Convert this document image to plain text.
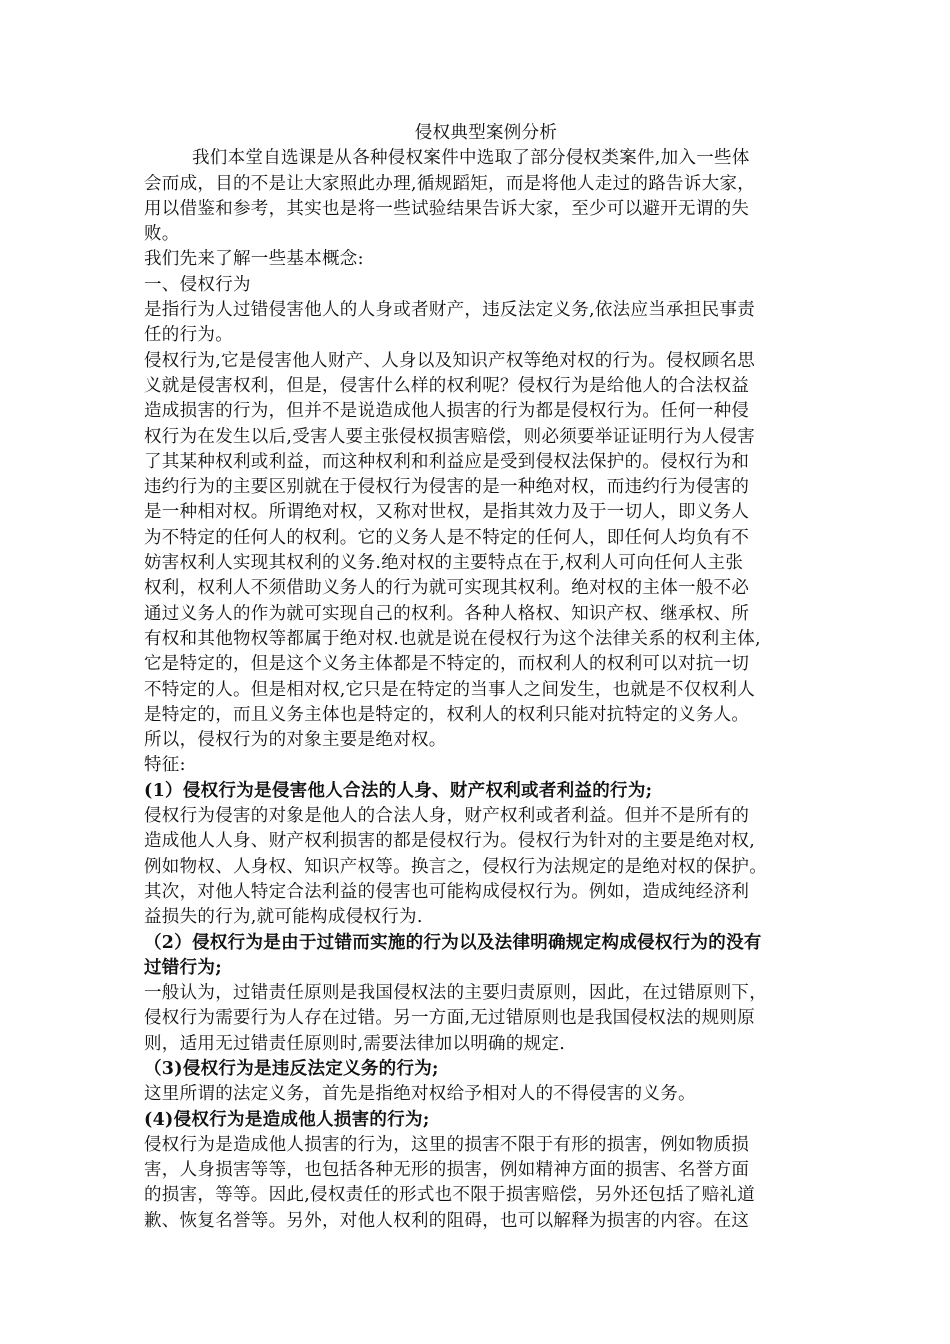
侵权典型案例分析

我们本堂自选课是从各种侵权案件中选取了部分侵权类案件,加入一些体

会而成，目的不是让大家照此办理,循规蹈矩，而是将他人走过的路告诉大家，

用以借鉴和参考，其实也是将一些试验结果告诉大家，至少可以避开无谓的失

败。

我们先来了解一些基本概念:

一、侵权行为

是指行为人过错侵害他人的人身或者财产，违反法定义务,依法应当承担民事责

任的行为。

侵权行为,它是侵害他人财产、人身以及知识产权等绝对权的行为。侵权顾名思

义就是侵害权利，但是，侵害什么样的权利呢？侵权行为是给他人的合法权益

造成损害的行为，但并不是说造成他人损害的行为都是侵权行为。任何一种侵

权行为在发生以后,受害人要主张侵权损害赔偿，则必须要举证证明行为人侵害

了其某种权利或利益，而这种权利和利益应是受到侵权法保护的。侵权行为和

违约行为的主要区别就在于侵权行为侵害的是一种绝对权，而违约行为侵害的

是一种相对权。所谓绝对权，又称对世权，是指其效力及于一切人，即义务人

为不特定的任何人的权利。它的义务人是不特定的任何人，即任何人均负有不

妨害权利人实现其权利的义务.绝对权的主要特点在于,权利人可向任何人主张

权利，权利人不须借助义务人的行为就可实现其权利。绝对权的主体一般不必

通过义务人的作为就可实现自己的权利。各种人格权、知识产权、继承权、所

有权和其他物权等都属于绝对权.也就是说在侵权行为这个法律关系的权利主体,

它是特定的，但是这个义务主体都是不特定的，而权利人的权利可以对抗一切

不特定的人。但是相对权,它只是在特定的当事人之间发生，也就是不仅权利人

是特定的，而且义务主体也是特定的，权利人的权利只能对抗特定的义务人。

所以，侵权行为的对象主要是绝对权。

特征:

(1）侵权行为是侵害他人合法的人身、财产权利或者利益的行为;

侵权行为侵害的对象是他人的合法人身，财产权利或者利益。但并不是所有的

造成他人人身、财产权利损害的都是侵权行为。侵权行为针对的主要是绝对权,

例如物权、人身权、知识产权等。换言之，侵权行为法规定的是绝对权的保护。

其次，对他人特定合法利益的侵害也可能构成侵权行为。例如，造成纯经济利

益损失的行为,就可能构成侵权行为.

（2）侵权行为是由于过错而实施的行为以及法律明确规定构成侵权行为的没有

过错行为;

一般认为，过错责任原则是我国侵权法的主要归责原则，因此，在过错原则下，

侵权行为需要行为人存在过错。另一方面,无过错原则也是我国侵权法的规则原

则，适用无过错责任原则时,需要法律加以明确的规定.

（3)侵权行为是违反法定义务的行为;

这里所谓的法定义务，首先是指绝对权给予相对人的不得侵害的义务。

(4)侵权行为是造成他人损害的行为;

侵权行为是造成他人损害的行为，这里的损害不限于有形的损害，例如物质损

害，人身损害等等，也包括各种无形的损害，例如精神方面的损害、名誉方面

的损害，等等。因此,侵权责任的形式也不限于损害赔偿，另外还包括了赔礼道

歉、恢复名誉等。另外，对他人权利的阻碍，也可以解释为损害的内容。在这
